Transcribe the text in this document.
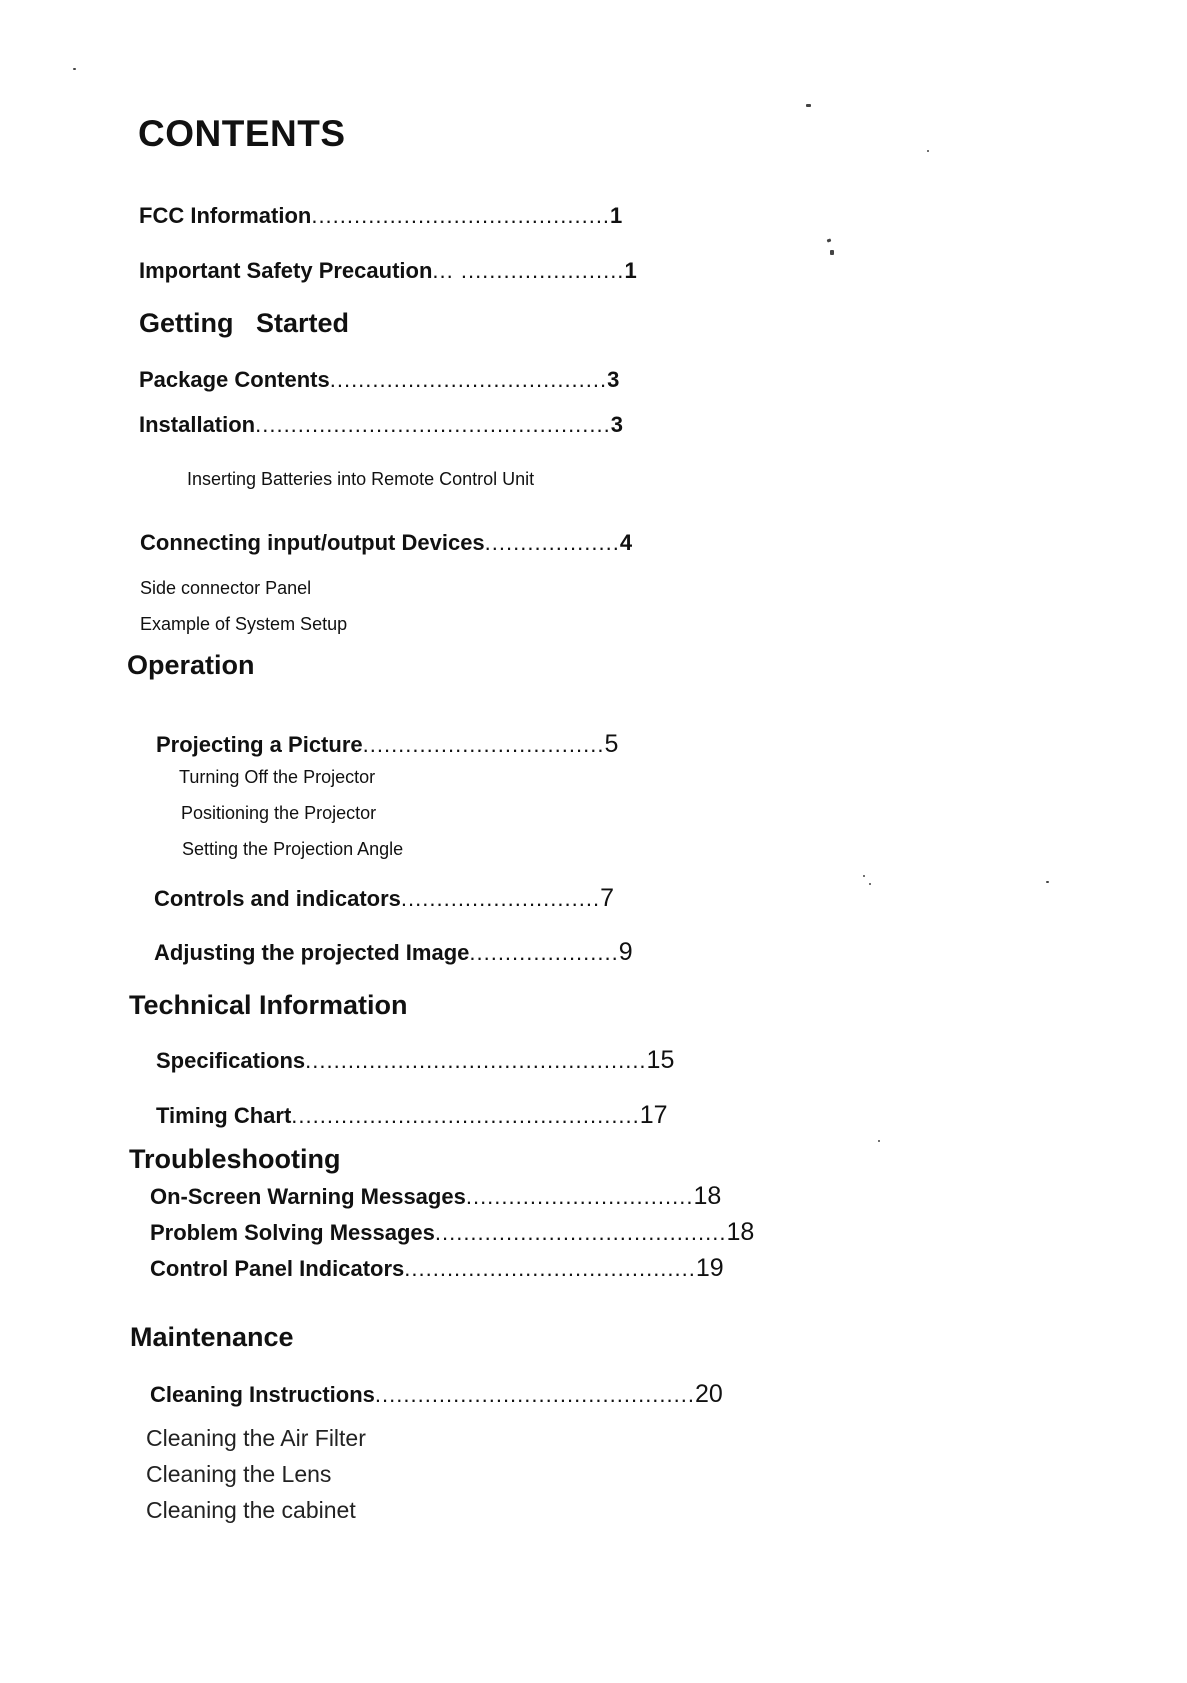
CONTENTS
FCC Information..........................................1
Important Safety Precaution... .......................1
Getting   Started
Package Contents.......................................3
Installation..................................................3
Inserting Batteries into Remote Control Unit
Connecting input/output Devices...................4
Side connector Panel
Example of System Setup
Operation
Projecting a Picture..................................5
Turning Off the Projector
Positioning the Projector
Setting the Projection Angle
Controls and indicators............................7
Adjusting the projected Image.....................9
Technical Information
Specifications................................................15
Timing Chart.................................................17
Troubleshooting
On-Screen Warning Messages................................18
Problem Solving Messages.........................................18
Control Panel Indicators.........................................19
Maintenance
Cleaning Instructions.............................................20
Cleaning the Air Filter
Cleaning the Lens
Cleaning the cabinet
